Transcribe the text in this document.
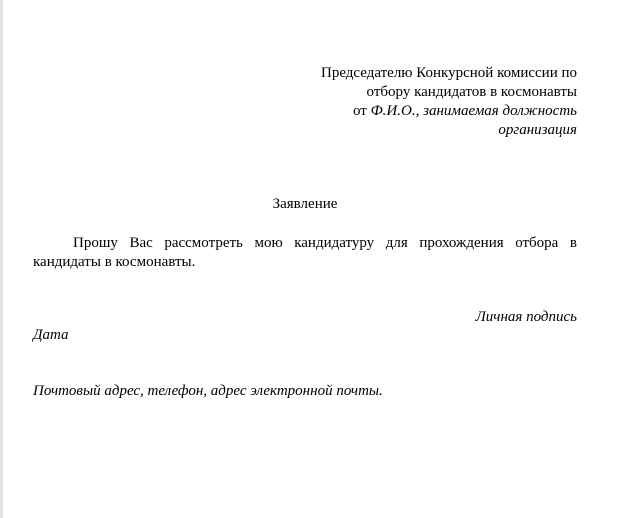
Председателю Конкурсной комиссии по
отбору кандидатов в космонавты
от Ф.И.О., занимаемая должность
организация
Заявление
Прошу Вас рассмотреть мою кандидатуру для прохождения отбора в кандидаты в космонавты.
Личная подпись
Дата
Почтовый адрес, телефон, адрес электронной почты.
